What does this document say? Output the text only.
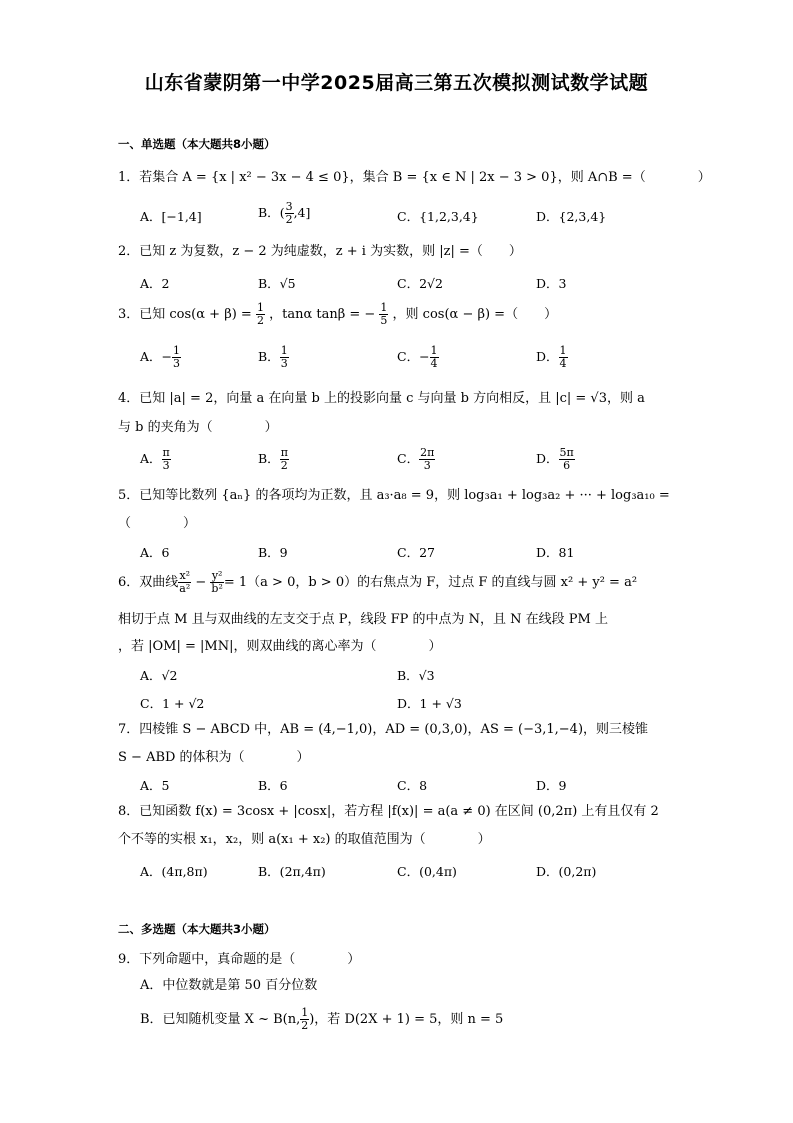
山东省蒙阴第一中学2025届高三第五次模拟测试数学试题
一、单选题（本大题共8小题）
1．若集合 A = {x | x² − 3x − 4 ≤ 0}，集合 B = {x ∈ N | 2x − 3 > 0}，则 A∩B =（　　　　）
A．[−1,4]	B．( $\frac{3}{2} ,4$]	C．{1,2,3,4}	D．{2,3,4}
2．已知 z 为复数，z − 2 为纯虚数，z + i 为实数，则 |z| =（　　）
A．2	B．√5	C．2√2	D．3
3．已知 $\cos(\alpha + \beta) = \frac{1}{2}$ ，tanα tanβ = − $\frac{1}{5}$ ，则 cos(α − β) =（　　）
A．− $\frac{1}{3}$	B． $\frac{1}{3}$	C．− $\frac{1}{4}$	D． $\frac{1}{4}$
4．已知 |a| = 2，向量 a 在向量 b 上的投影向量 c 与向量 b 方向相反，且 |c| = √3，则 a
与 b 的夹角为（　　　　）
A． $\frac{\pi}{3}$	B． $\frac{\pi}{2}$	C． $\frac{2\pi}{3}$	D． $\frac{5\pi}{6}$
5．已知等比数列 {aₙ} 的各项均为正数，且 a₃·a₈ = 9，则 log₃a₁ + log₃a₂ + ··· + log₃a₁₀ =
（　　　　）
A．6	B．9	C．27	D．81
6．双曲线 $\frac{\text{x²}}{\text{a²}} - \frac{\text{y²}}{\text{b²}} = 1(a > 0$，b > 0）的右焦点为 F，过点 F 的直线与圆 x² + y² = a²
相切于点 M 且与双曲线的左支交于点 P，线段 FP 的中点为 N，且 N 在线段 PM 上
，若 |OM| = |MN|，则双曲线的离心率为（　　　　）
A．√2	B．√3
C．1 + √2	D．1 + √3
7．四棱锥 S − ABCD 中，AB = (4,−1,0)，AD = (0,3,0)，AS = (−3,1,−4)，则三棱锥
S − ABD 的体积为（　　　　）
A．5	B．6	C．8	D．9
8．已知函数 f(x) = 3cosx + |cosx|，若方程 |f(x)| = a(a ≠ 0) 在区间 (0,2π) 上有且仅有 2
个不等的实根 x₁，x₂，则 a(x₁ + x₂) 的取值范围为（　　　　）
A．(4π,8π)	B．(2π,4π)	C．(0,4π)	D．(0,2π)
二、多选题（本大题共3小题）
9．下列命题中，真命题的是（　　　　）
A．中位数就是第 50 百分位数
B．已知随机变量 X ~ B(n, $\frac{1}{2}$ )，若 D(2X + 1) = 5，则 n = 5
